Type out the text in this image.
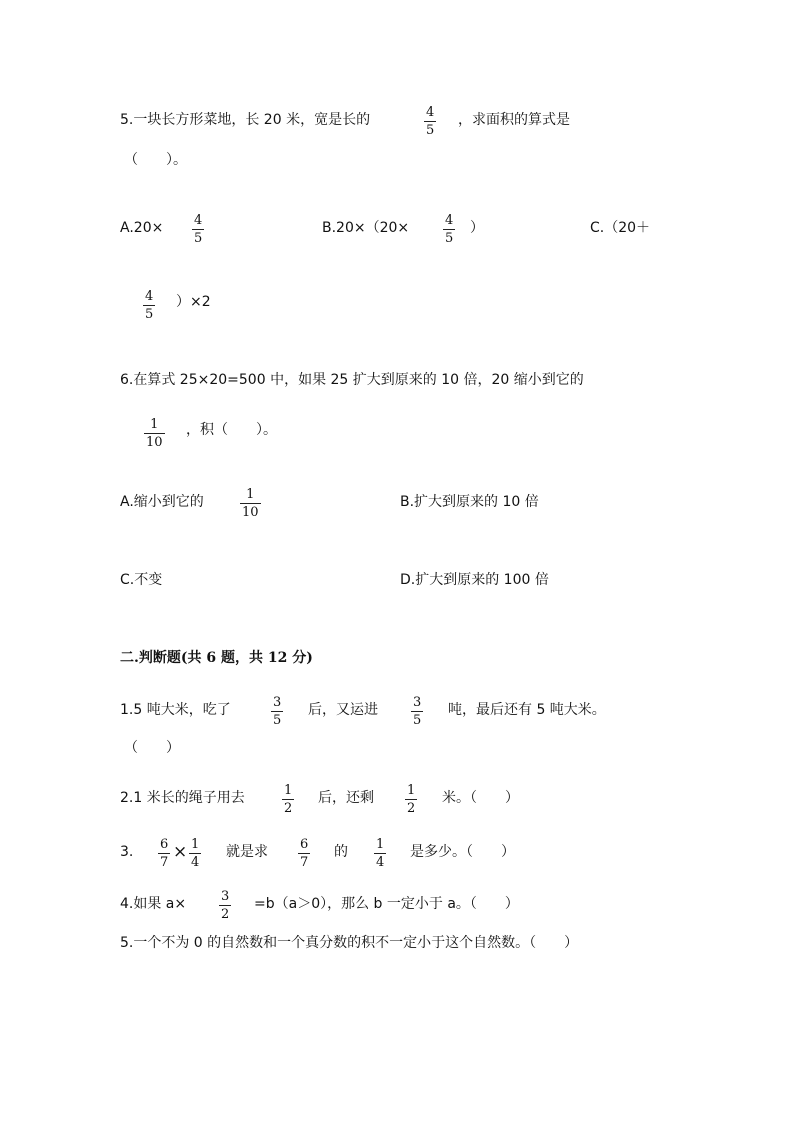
5.一块长方形菜地，长 20 米，宽是长的	4
5
，求面积的算式是
（　　）。
A.20× 4
5
B.20×（20×	4
5
）	C.（20＋
4
5
）×2
6.在算式 25×20=500 中，如果 25 扩大到原来的 10 倍，20 缩小到它的
1
10
，积（　　）。
A.缩小到它的	1
10
B.扩大到原来的 10 倍
C.不变	D.扩大到原来的 100 倍
二.判断题(共 6 题，共 12 分)
1.5 吨大米，吃了	3
5
后，又运进	3
5
吨，最后还有 5 吨大米。
（　　）
2.1 米长的绳子用去	1
2
后，还剩	1
2
米。（　　）
3. 6
7
× 1
4
就是求 6
7
的 1
4
是多少。（　　）
4.如果 a×	3
2
=b（a＞0），那么 b 一定小于 a。（　　）
5.一个不为 0 的自然数和一个真分数的积不一定小于这个自然数。（　　）
